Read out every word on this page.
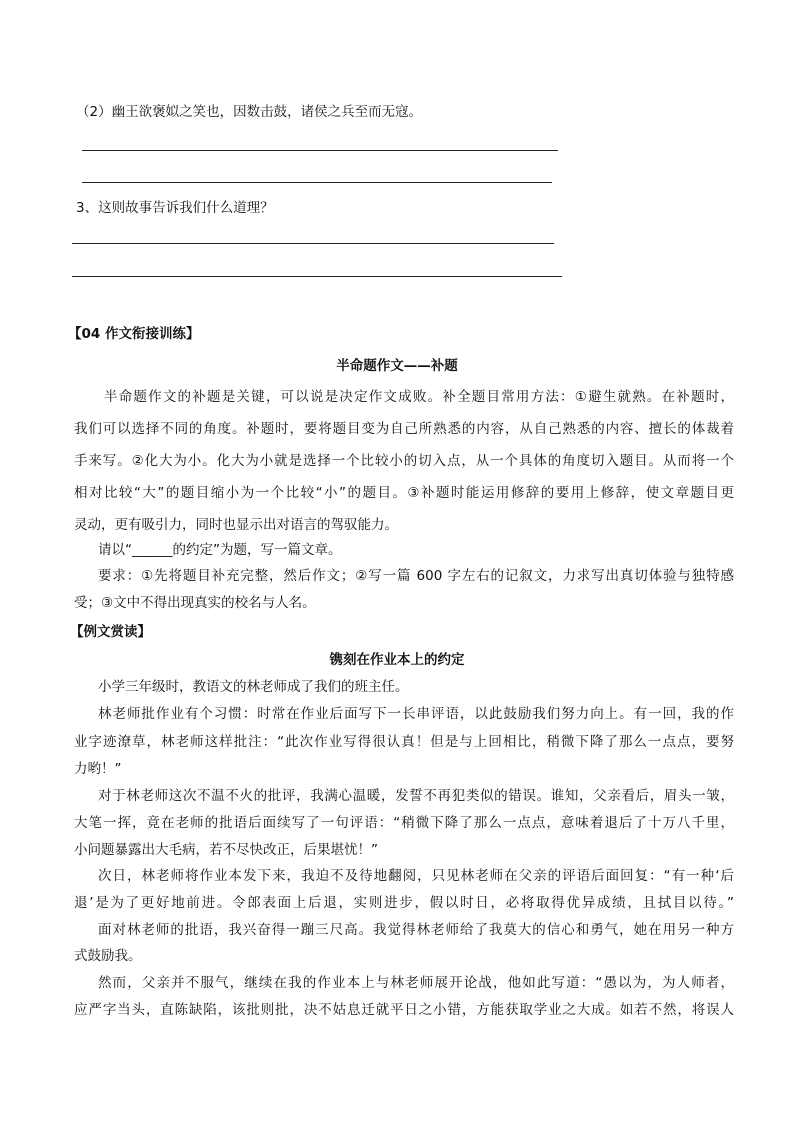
（2）幽王欲褒姒之笑也，因数击鼓，诸侯之兵至而无寇。
3、这则故事告诉我们什么道理？
【04 作文衔接训练】
半命题作文——补题
半命题作文的补题是关键，可以说是决定作文成败。补全题目常用方法：①避生就熟。在补题时，
我们可以选择不同的角度。补题时，要将题目变为自己所熟悉的内容，从自己熟悉的内容、擅长的体裁着
手来写。②化大为小。化大为小就是选择一个比较小的切入点，从一个具体的角度切入题目。从而将一个
相对比较“大”的题目缩小为一个比较“小”的题目。③补题时能运用修辞的要用上修辞，使文章题目更
灵动，更有吸引力，同时也显示出对语言的驾驭能力。
请以“______的约定”为题，写一篇文章。
要求：①先将题目补充完整，然后作文；②写一篇 600 字左右的记叙文，力求写出真切体验与独特感
受；③文中不得出现真实的校名与人名。
【例文赏读】
镌刻在作业本上的约定
小学三年级时，教语文的林老师成了我们的班主任。
林老师批作业有个习惯：时常在作业后面写下一长串评语，以此鼓励我们努力向上。有一回，我的作
业字迹潦草，林老师这样批注：“此次作业写得很认真！但是与上回相比，稍微下降了那么一点点，要努
力哟！”
对于林老师这次不温不火的批评，我满心温暖，发誓不再犯类似的错误。谁知，父亲看后，眉头一皱，
大笔一挥，竟在老师的批语后面续写了一句评语：“稍微下降了那么一点点，意味着退后了十万八千里，
小问题暴露出大毛病，若不尽快改正，后果堪忧！”
次日，林老师将作业本发下来，我迫不及待地翻阅，只见林老师在父亲的评语后面回复：“有一种‘后
退’是为了更好地前进。令郎表面上后退，实则进步，假以时日，必将取得优异成绩，且拭目以待。”
面对林老师的批语，我兴奋得一蹦三尺高。我觉得林老师给了我莫大的信心和勇气，她在用另一种方
式鼓励我。
然而，父亲并不服气，继续在我的作业本上与林老师展开论战，他如此写道：“愚以为，为人师者，
应严字当头，直陈缺陷，该批则批，决不姑息迁就平日之小错，方能获取学业之大成。如若不然，将误人
